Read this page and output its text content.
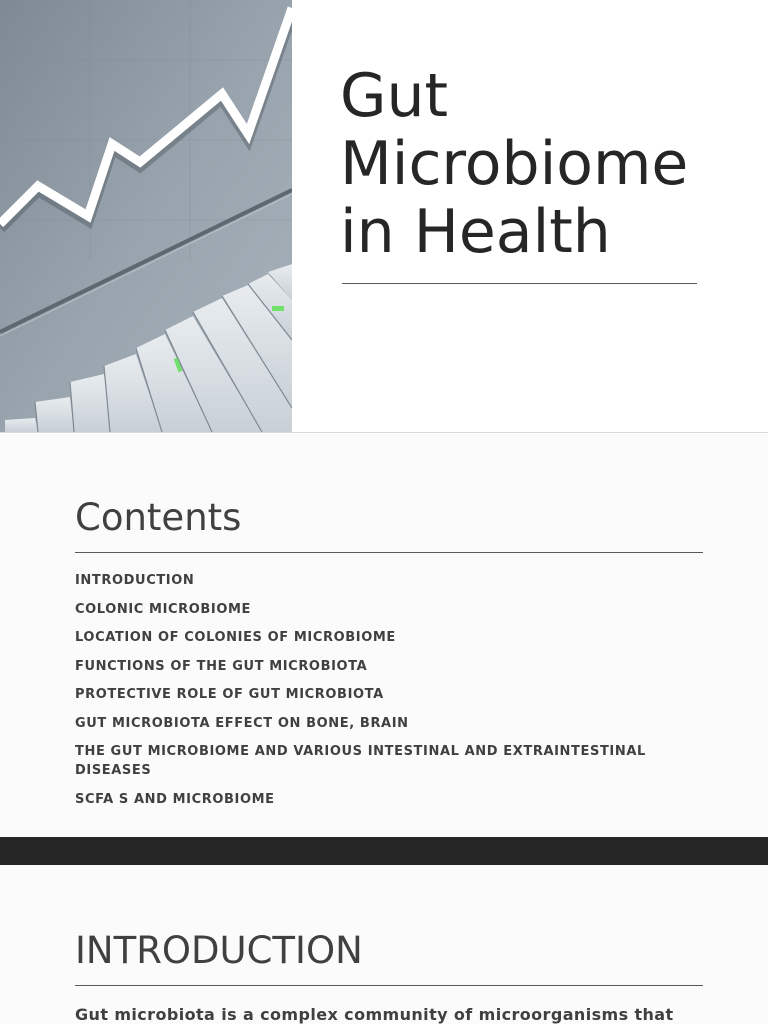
Gut Microbiome in Health
Contents
INTRODUCTION
COLONIC MICROBIOME
LOCATION OF COLONIES OF MICROBIOME
FUNCTIONS OF THE GUT MICROBIOTA
PROTECTIVE ROLE OF GUT MICROBIOTA
GUT MICROBIOTA EFFECT ON BONE, BRAIN
THE GUT MICROBIOME AND VARIOUS INTESTINAL AND EXTRAINTESTINAL DISEASES
SCFA S AND MICROBIOME
INTRODUCTION

Gut microbiota is a complex community of microorganisms that
